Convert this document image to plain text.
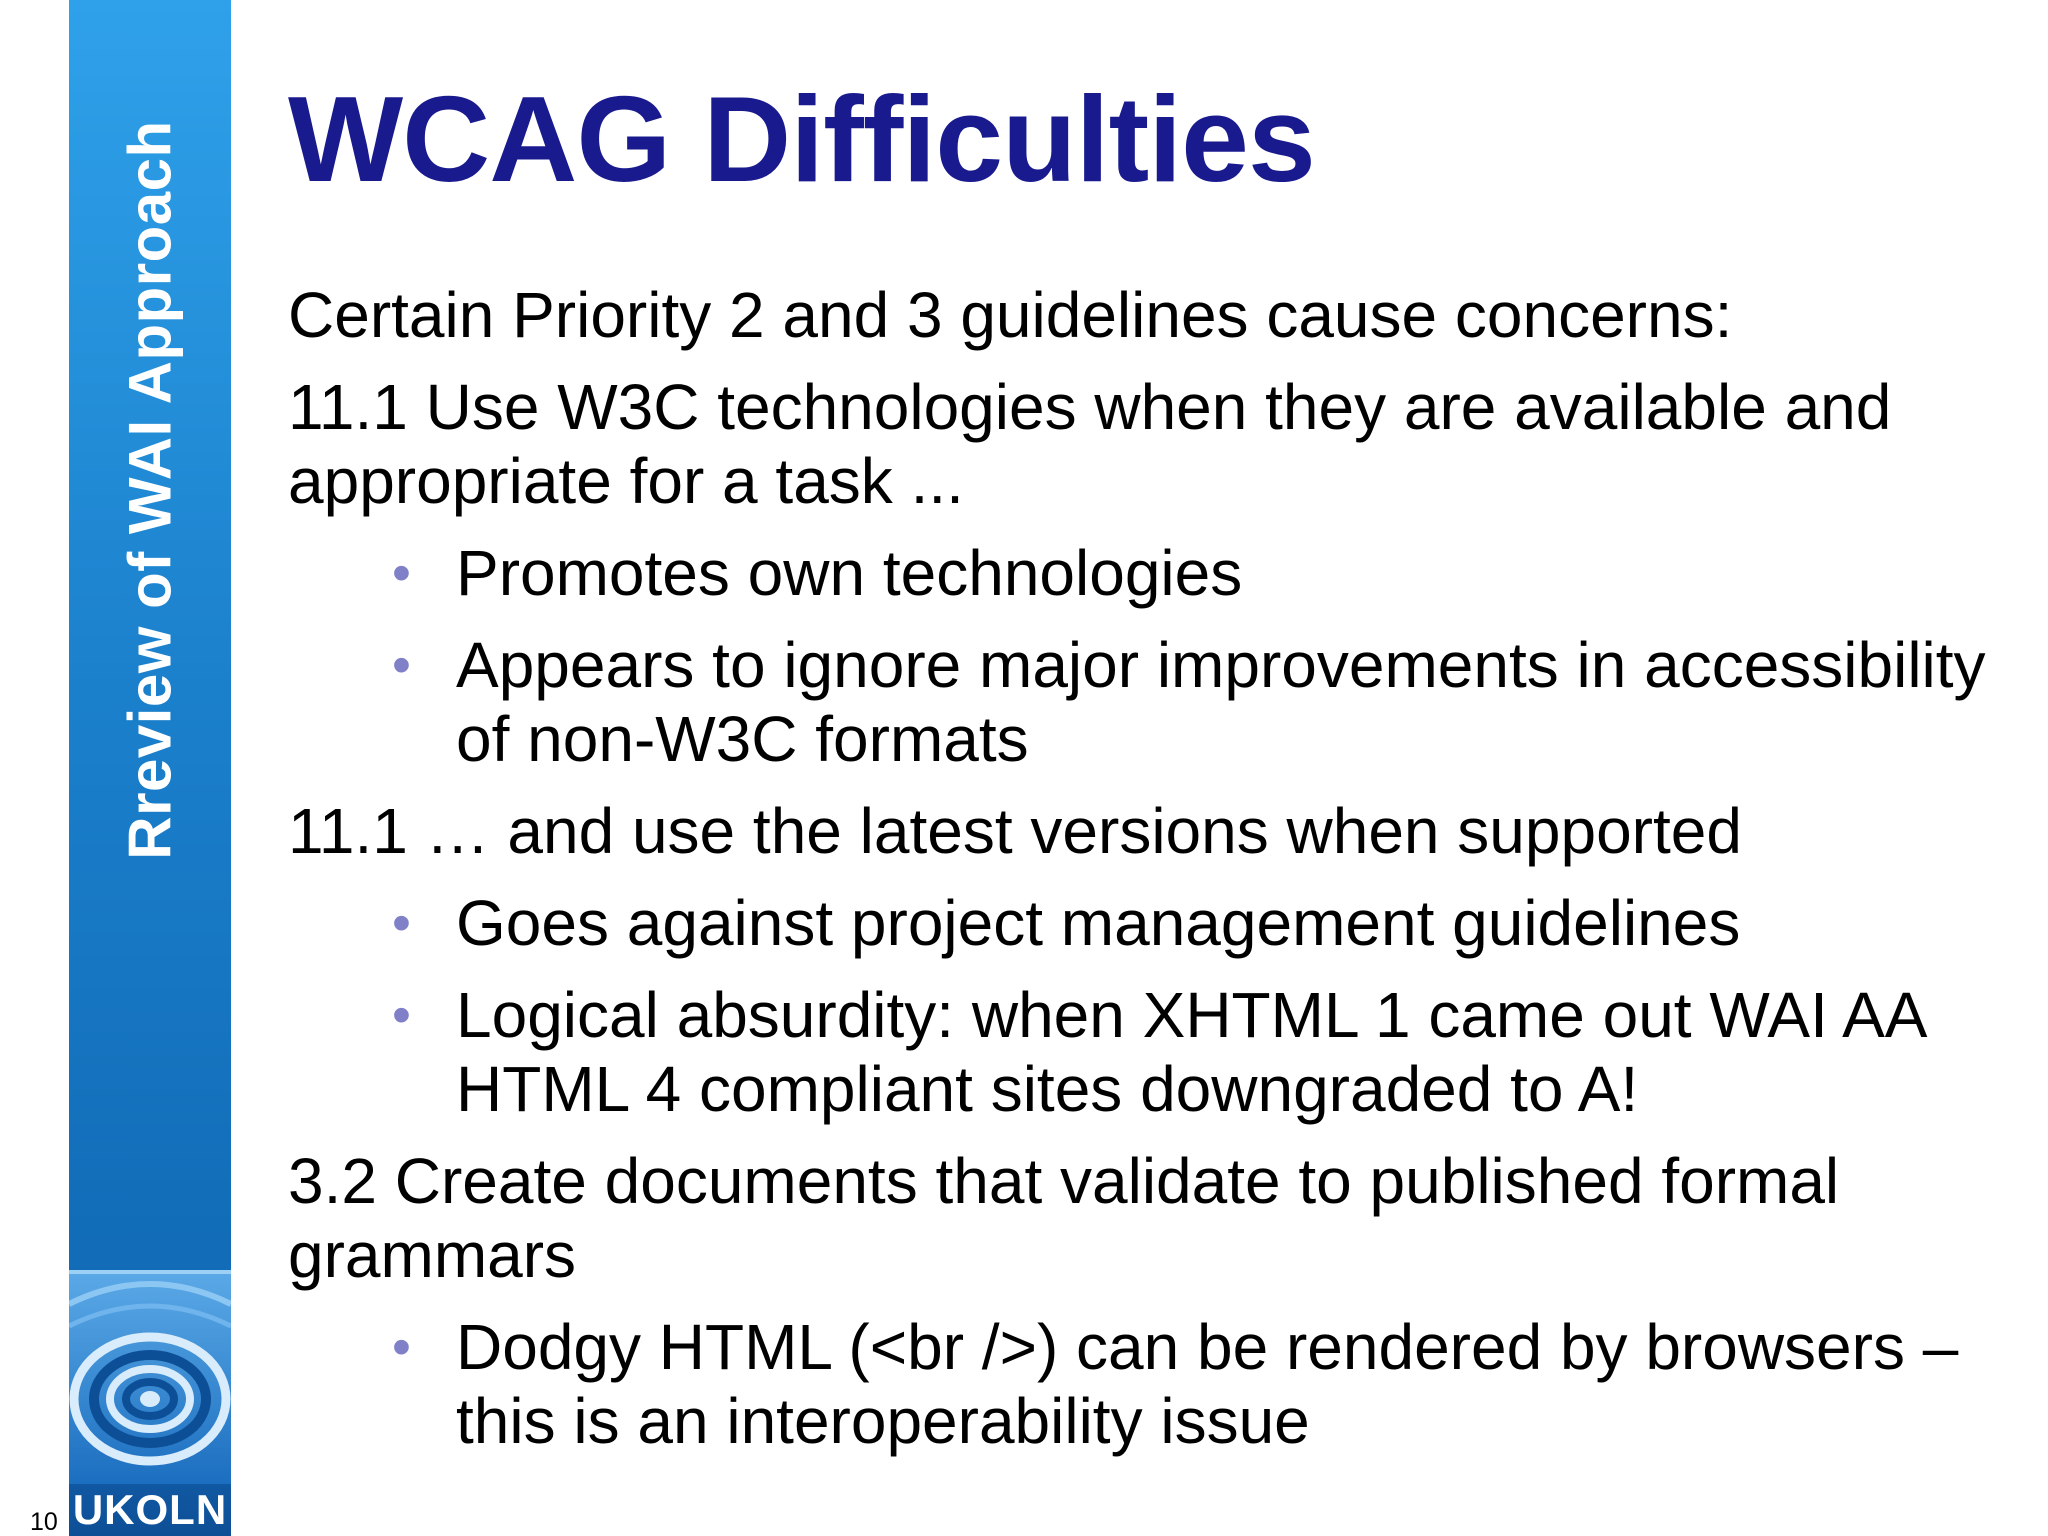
Rreview of WAI Approach
UKOLN
10
WCAG Difficulties
Certain Priority 2 and 3 guidelines cause concerns:
11.1 Use W3C technologies when they are available and appropriate for a task ...
• Promotes own technologies
• Appears to ignore major improvements in accessibility of non-W3C formats
11.1 … and use the latest versions when supported
• Goes against project management guidelines
• Logical absurdity: when XHTML 1 came out WAI AA HTML 4 compliant sites downgraded to A!
3.2 Create documents that validate to published formal grammars
• Dodgy HTML (<br />) can be rendered by browsers – this is an interoperability issue
